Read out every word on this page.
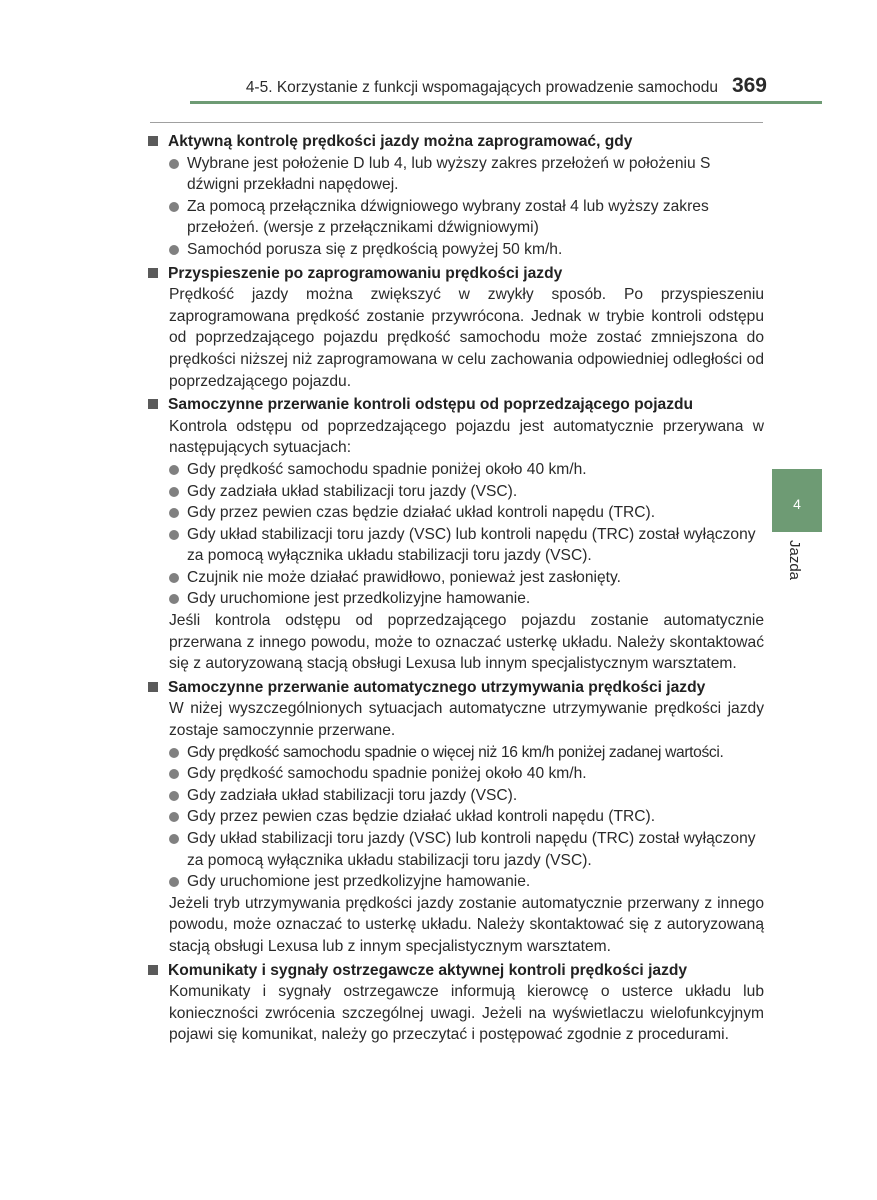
4-5. Korzystanie z funkcji wspomagających prowadzenie samochodu 369
4
Jazda
Aktywną kontrolę prędkości jazdy można zaprogramować, gdy
Wybrane jest położenie D lub 4, lub wyższy zakres przełożeń w położeniu S dźwigni przekładni napędowej.
Za pomocą przełącznika dźwigniowego wybrany został 4 lub wyższy zakres przełożeń. (wersje z przełącznikami dźwigniowymi)
Samochód porusza się z prędkością powyżej 50 km/h.
Przyspieszenie po zaprogramowaniu prędkości jazdy
Prędkość jazdy można zwiększyć w zwykły sposób. Po przyspieszeniu zaprogramowana prędkość zostanie przywrócona. Jednak w trybie kontroli odstępu od poprzedzającego pojazdu prędkość samochodu może zostać zmniejszona do prędkości niższej niż zaprogramowana w celu zachowania odpowiedniej odległości od poprzedzającego pojazdu.
Samoczynne przerwanie kontroli odstępu od poprzedzającego pojazdu
Kontrola odstępu od poprzedzającego pojazdu jest automatycznie przerywana w następujących sytuacjach:
Gdy prędkość samochodu spadnie poniżej około 40 km/h.
Gdy zadziała układ stabilizacji toru jazdy (VSC).
Gdy przez pewien czas będzie działać układ kontroli napędu (TRC).
Gdy układ stabilizacji toru jazdy (VSC) lub kontroli napędu (TRC) został wyłączony za pomocą wyłącznika układu stabilizacji toru jazdy (VSC).
Czujnik nie może działać prawidłowo, ponieważ jest zasłonięty.
Gdy uruchomione jest przedkolizyjne hamowanie.
Jeśli kontrola odstępu od poprzedzającego pojazdu zostanie automatycznie przerwana z innego powodu, może to oznaczać usterkę układu. Należy skontaktować się z autoryzowaną stacją obsługi Lexusa lub innym specjalistycznym warsztatem.
Samoczynne przerwanie automatycznego utrzymywania prędkości jazdy
W niżej wyszczególnionych sytuacjach automatyczne utrzymywanie prędkości jazdy zostaje samoczynnie przerwane.
Gdy prędkość samochodu spadnie o więcej niż 16 km/h poniżej zadanej wartości.
Gdy prędkość samochodu spadnie poniżej około 40 km/h.
Gdy zadziała układ stabilizacji toru jazdy (VSC).
Gdy przez pewien czas będzie działać układ kontroli napędu (TRC).
Gdy układ stabilizacji toru jazdy (VSC) lub kontroli napędu (TRC) został wyłączony za pomocą wyłącznika układu stabilizacji toru jazdy (VSC).
Gdy uruchomione jest przedkolizyjne hamowanie.
Jeżeli tryb utrzymywania prędkości jazdy zostanie automatycznie przerwany z innego powodu, może oznaczać to usterkę układu. Należy skontaktować się z autoryzowaną stacją obsługi Lexusa lub z innym specjalistycznym warsztatem.
Komunikaty i sygnały ostrzegawcze aktywnej kontroli prędkości jazdy
Komunikaty i sygnały ostrzegawcze informują kierowcę o usterce układu lub konieczności zwrócenia szczególnej uwagi. Jeżeli na wyświetlaczu wielofunkcyjnym pojawi się komunikat, należy go przeczytać i postępować zgodnie z procedurami.
